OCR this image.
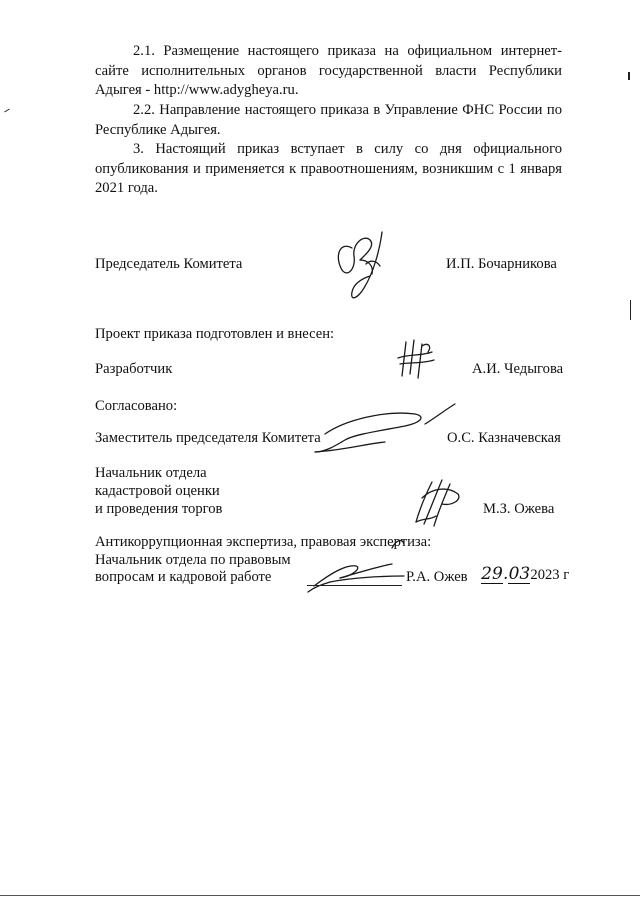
2.1. Размещение настоящего приказа на официальном интернет-сайте исполнительных органов государственной власти Республики Адыгея - http://www.adygheya.ru.
2.2. Направление настоящего приказа в Управление ФНС России по Республике Адыгея.
3. Настоящий приказ вступает в силу со дня официального опубликования и применяется к правоотношениям, возникшим с 1 января 2021 года.
Председатель Комитета	И.П. Бочарникова
Проект приказа подготовлен и внесен:
Разработчик	А.И. Чедыгова
Согласовано:
Заместитель председателя Комитета	О.С. Казначевская
Начальник отдела
кадастровой оценки
и проведения торгов	М.З. Ожева
Антикоррупционная экспертиза, правовая экспертиза:
Начальник отдела по правовым
вопросам и кадровой работе	Р.А. Ожев 29.032023 г
